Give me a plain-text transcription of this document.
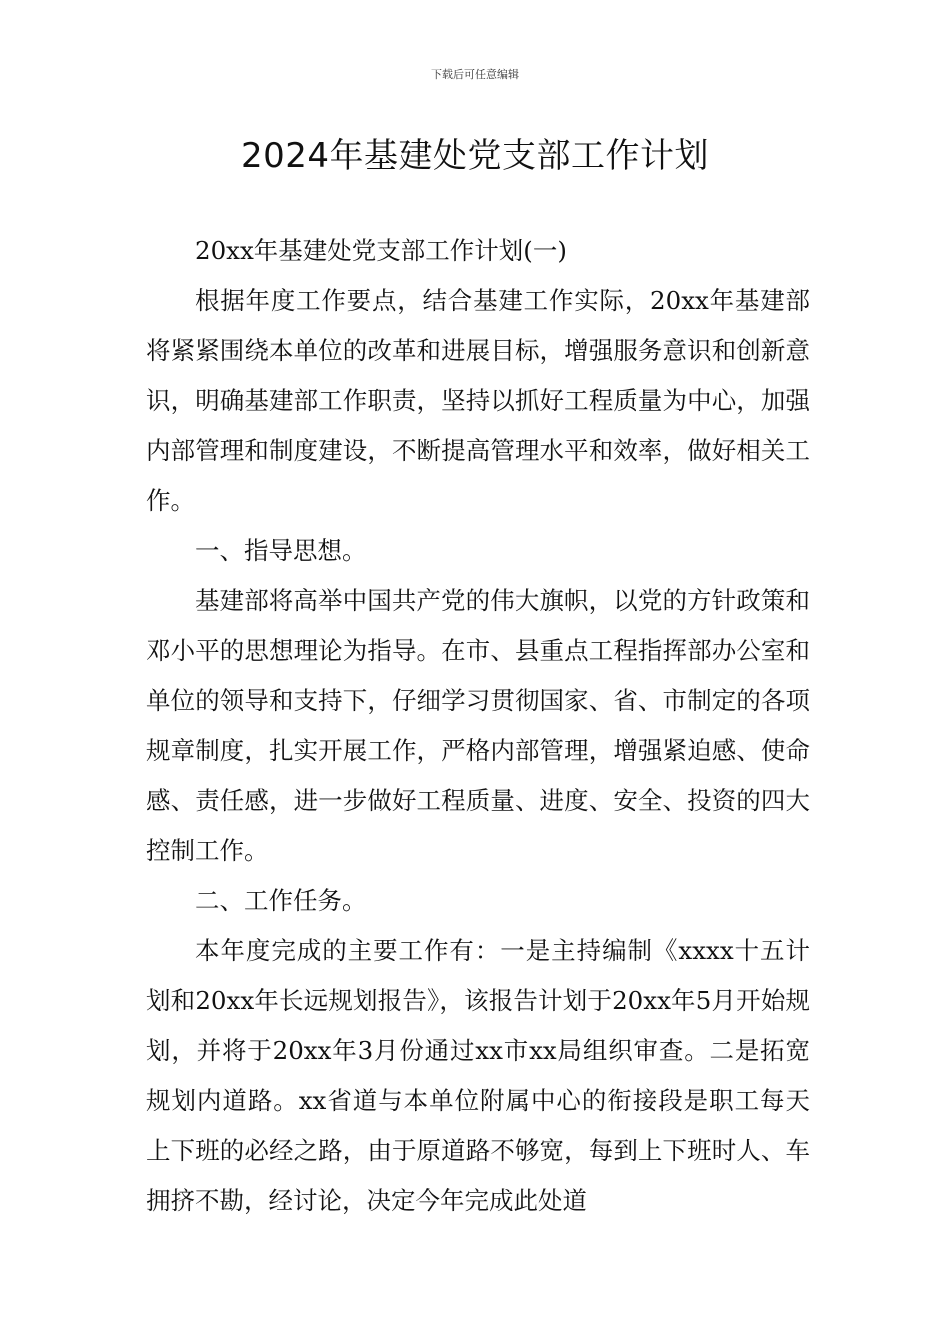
下载后可任意编辑
2024年基建处党支部工作计划

20xx年基建处党支部工作计划(一)

根据年度工作要点，结合基建工作实际，20xx年基建部将紧紧围绕本单位的改革和进展目标，增强服务意识和创新意识，明确基建部工作职责，坚持以抓好工程质量为中心，加强内部管理和制度建设，不断提高管理水平和效率，做好相关工作。

一、指导思想。

基建部将高举中国共产党的伟大旗帜，以党的方针政策和邓小平的思想理论为指导。在市、县重点工程指挥部办公室和单位的领导和支持下，仔细学习贯彻国家、省、市制定的各项规章制度，扎实开展工作，严格内部管理，增强紧迫感、使命感、责任感，进一步做好工程质量、进度、安全、投资的四大控制工作。

二、工作任务。

本年度完成的主要工作有：一是主持编制《xxxx十五计划和20xx年长远规划报告》，该报告计划于20xx年5月开始规划，并将于20xx年3月份通过xx市xx局组织审查。二是拓宽规划内道路。xx省道与本单位附属中心的衔接段是职工每天上下班的必经之路，由于原道路不够宽，每到上下班时人、车拥挤不勘，经讨论，决定今年完成此处道
